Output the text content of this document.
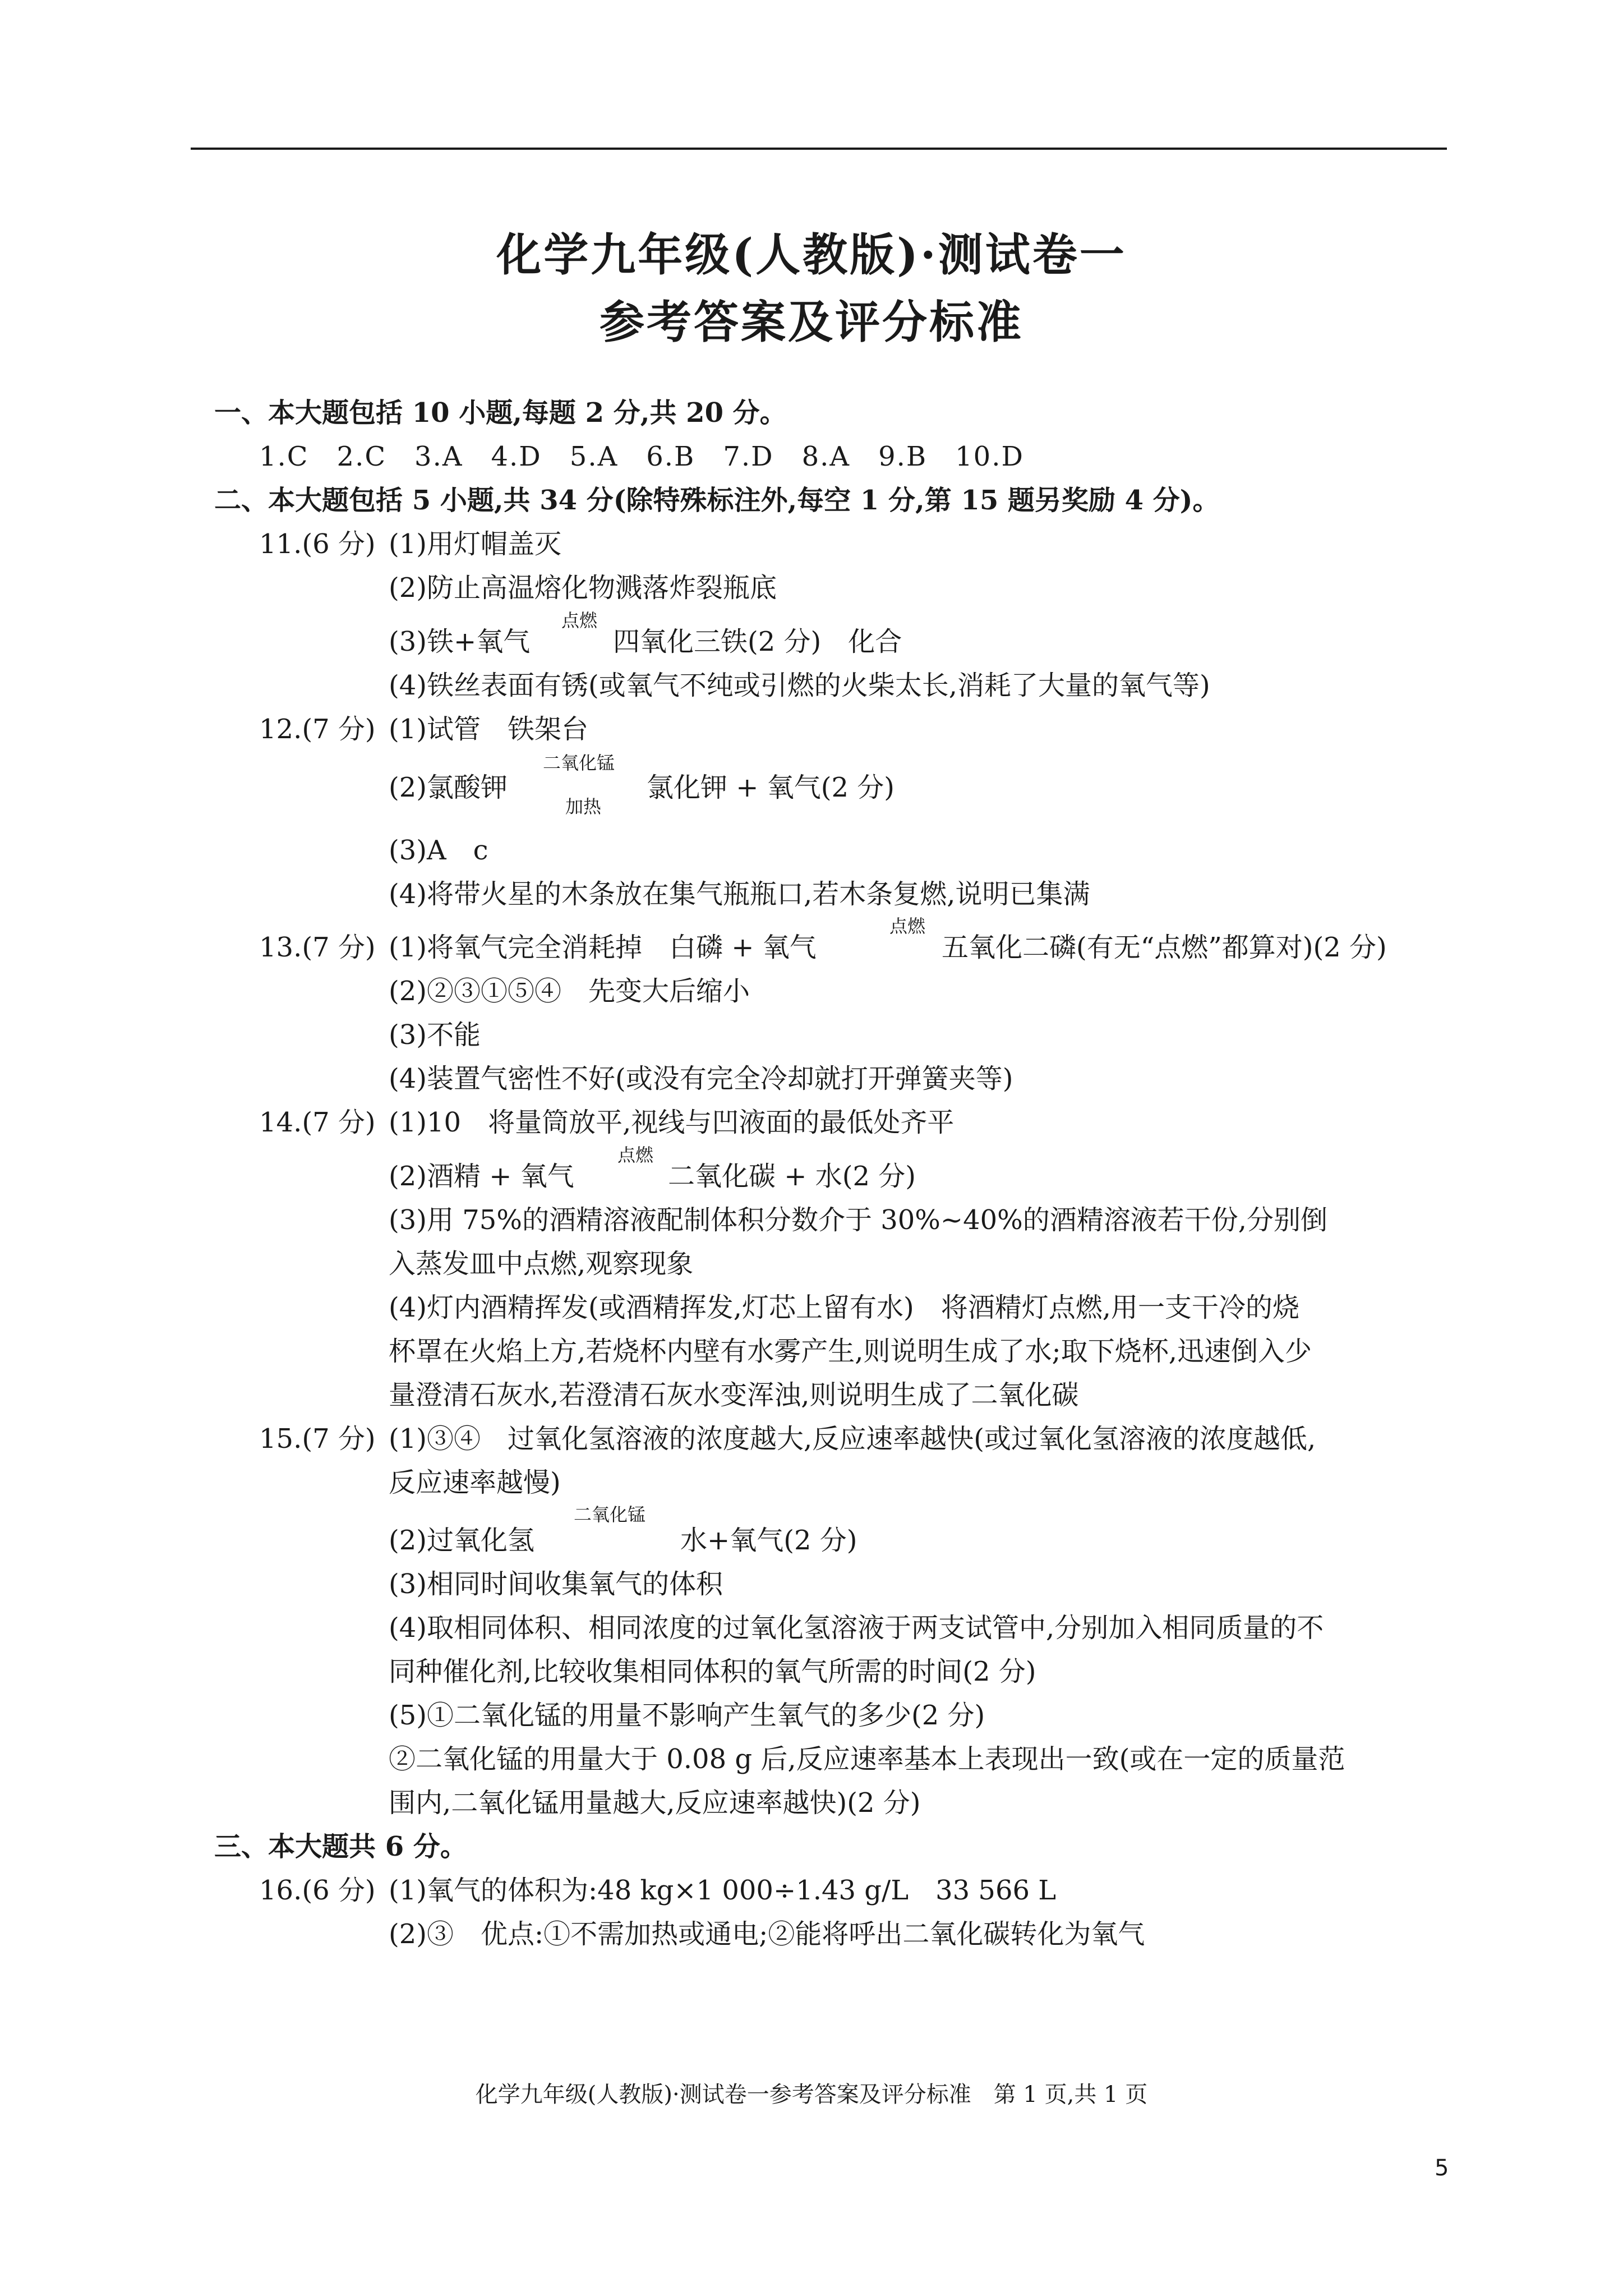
化学九年级(人教版)·测试卷一
参考答案及评分标准
一、本大题包括 10 小题,每题 2 分,共 20 分。
1.C　2.C　3.A　4.D　5.A　6.B　7.D　8.A　9.B　10.D
二、本大题包括 5 小题,共 34 分(除特殊标注外,每空 1 分,第 15 题另奖励 4 分)。
11.(6 分) (1)用灯帽盖灭
(2)防止高温熔化物溅落炸裂瓶底
(3)铁+氧气
点燃
四氧化三铁(2 分)　化合
(4)铁丝表面有锈(或氧气不纯或引燃的火柴太长,消耗了大量的氧气等)
12.(7 分) (1)试管　铁架台
(2)氯酸钾
二氧化锰
加热
氯化钾 + 氧气(2 分)
(3)A　c
(4)将带火星的木条放在集气瓶瓶口,若木条复燃,说明已集满
13.(7 分) (1)将氧气完全消耗掉　白磷 + 氧气
点燃
五氧化二磷(有无“点燃”都算对)(2 分)
(2)②③①⑤④　先变大后缩小
(3)不能
(4)装置气密性不好(或没有完全冷却就打开弹簧夹等)
14.(7 分) (1)10　将量筒放平,视线与凹液面的最低处齐平
(2)酒精 + 氧气
点燃
二氧化碳 + 水(2 分)
(3)用 75%的酒精溶液配制体积分数介于 30%~40%的酒精溶液若干份,分别倒
入蒸发皿中点燃,观察现象
(4)灯内酒精挥发(或酒精挥发,灯芯上留有水)　将酒精灯点燃,用一支干冷的烧
杯罩在火焰上方,若烧杯内壁有水雾产生,则说明生成了水;取下烧杯,迅速倒入少
量澄清石灰水,若澄清石灰水变浑浊,则说明生成了二氧化碳
15.(7 分) (1)③④　过氧化氢溶液的浓度越大,反应速率越快(或过氧化氢溶液的浓度越低,
反应速率越慢)
(2)过氧化氢
二氧化锰
水+氧气(2 分)
(3)相同时间收集氧气的体积
(4)取相同体积、相同浓度的过氧化氢溶液于两支试管中,分别加入相同质量的不
同种催化剂,比较收集相同体积的氧气所需的时间(2 分)
(5)①二氧化锰的用量不影响产生氧气的多少(2 分)
②二氧化锰的用量大于 0.08 g 后,反应速率基本上表现出一致(或在一定的质量范
围内,二氧化锰用量越大,反应速率越快)(2 分)
三、本大题共 6 分。
16.(6 分) (1)氧气的体积为:48 kg×1 000÷1.43 g/L　33 566 L
(2)③　优点:①不需加热或通电;②能将呼出二氧化碳转化为氧气
化学九年级(人教版)·测试卷一参考答案及评分标准　第 1 页,共 1 页
5
